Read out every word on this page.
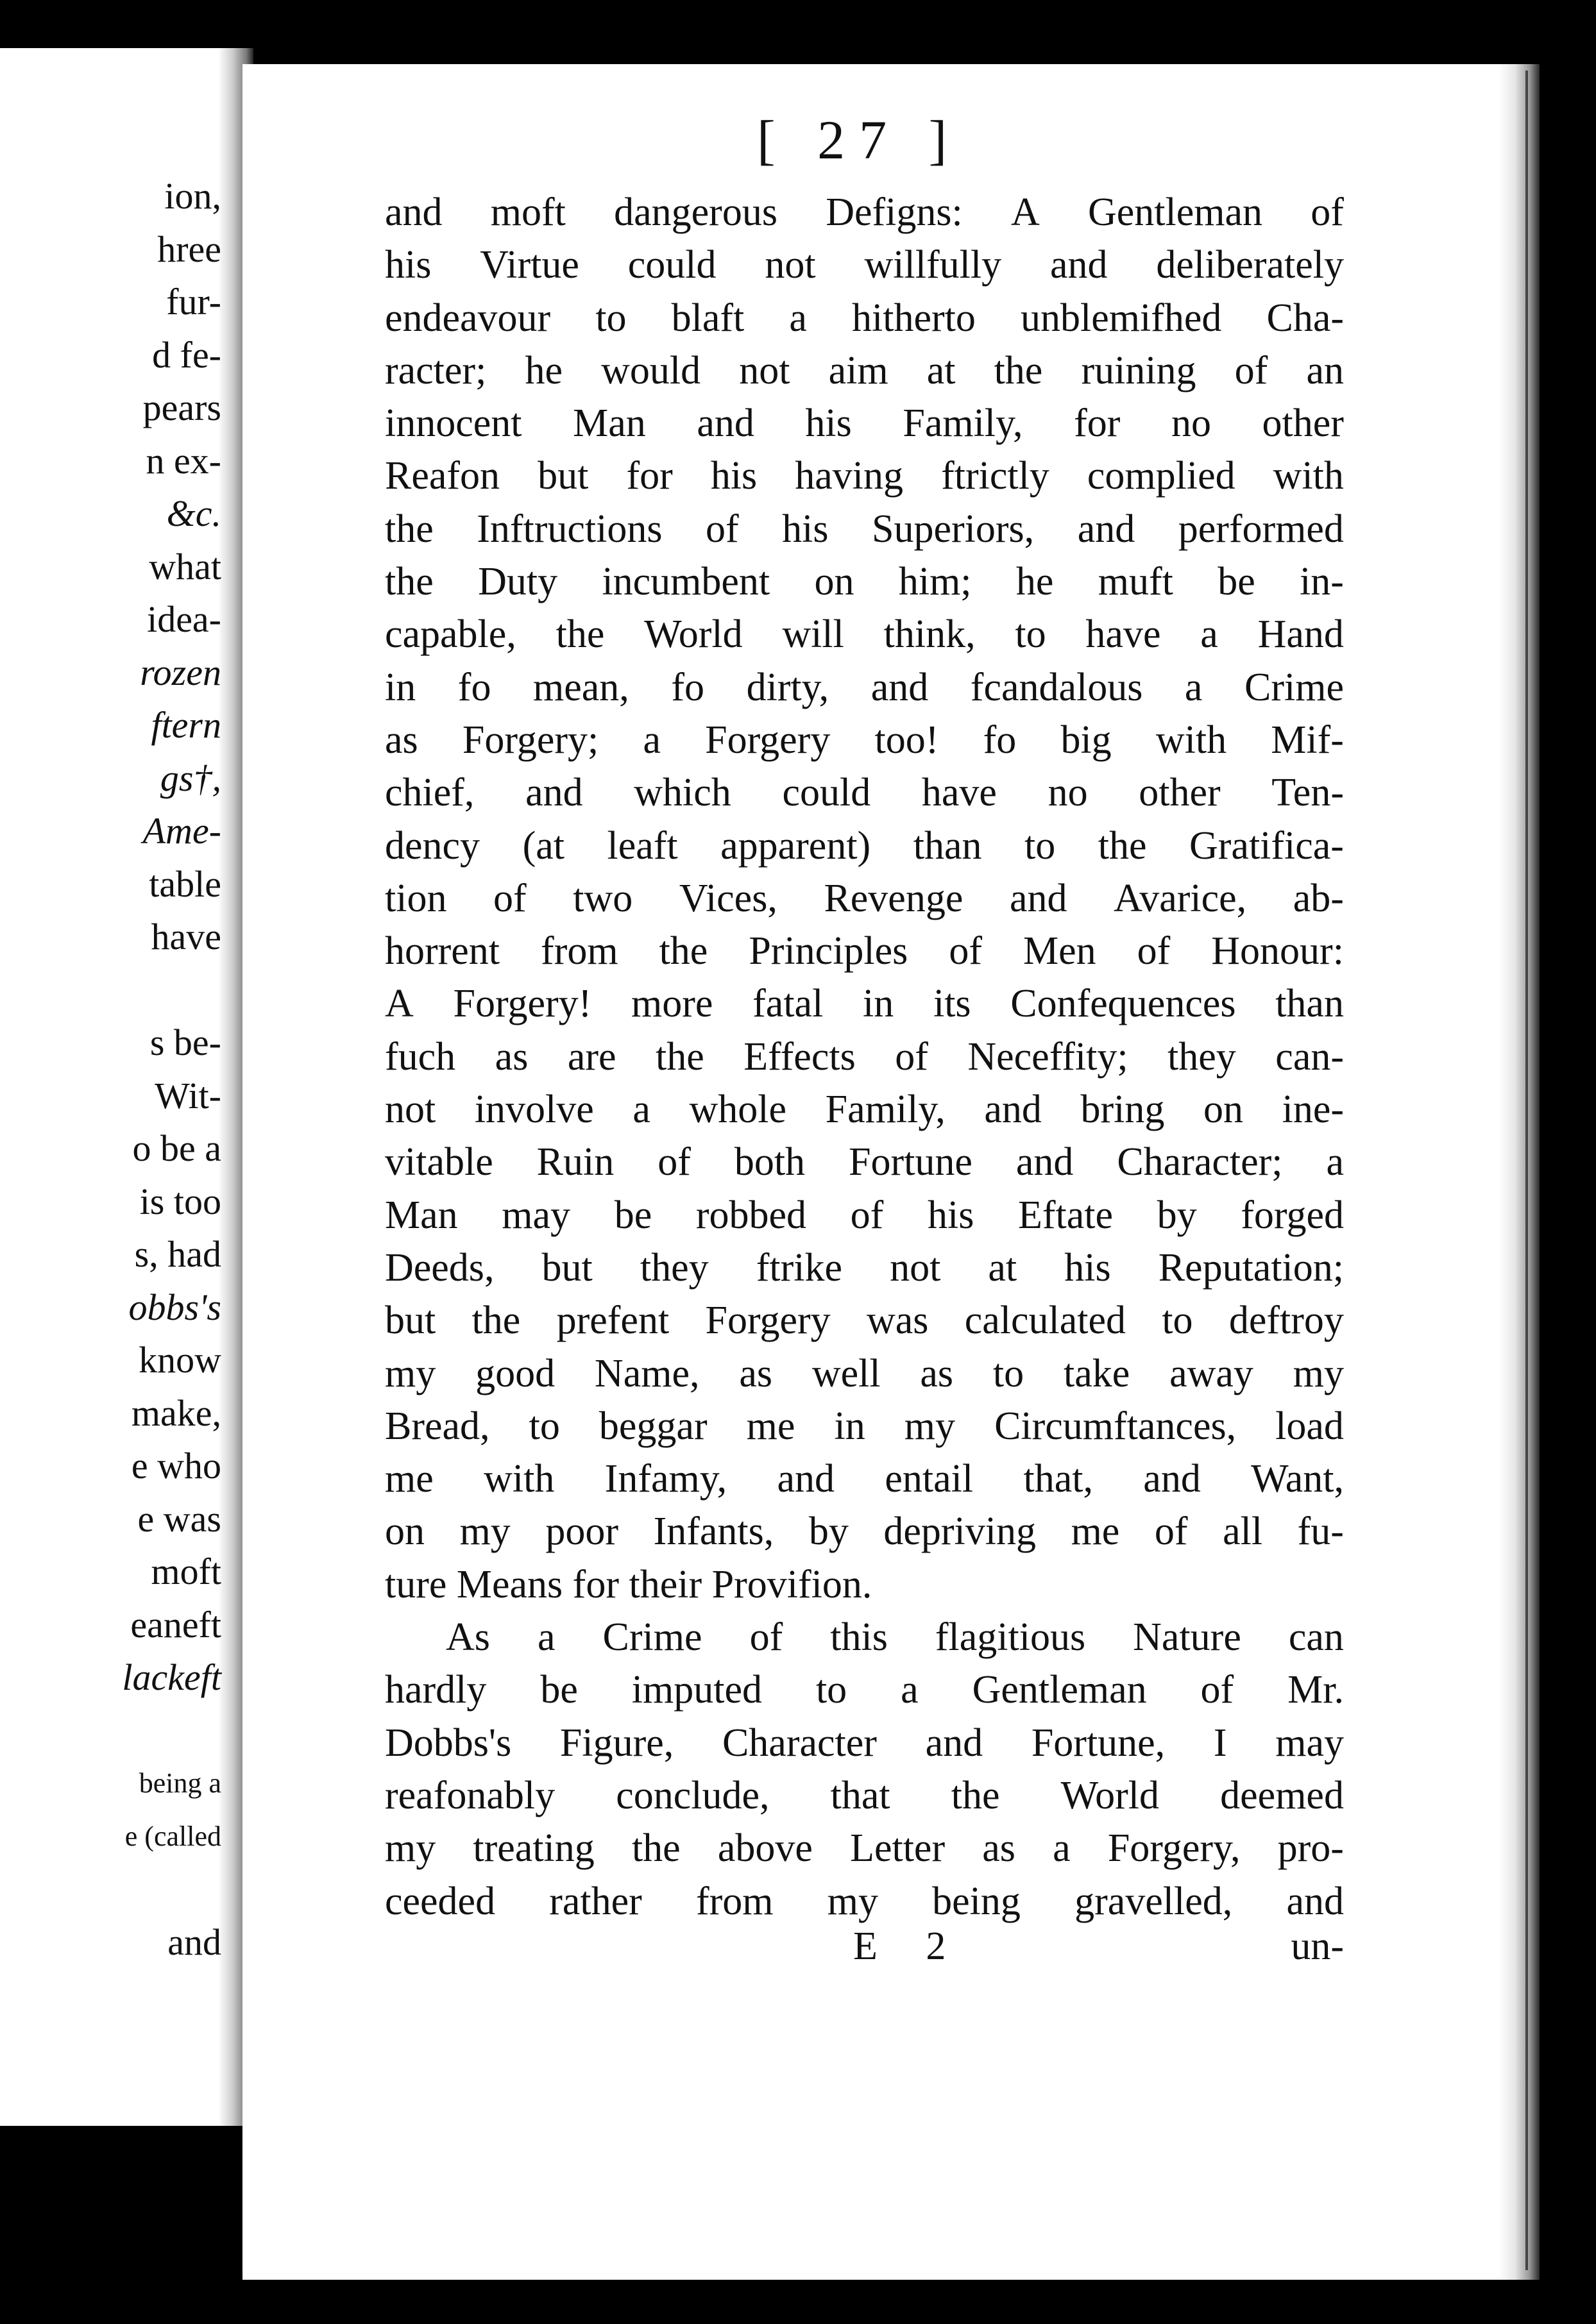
ion,
hree
fur-
d fe-
pears
n ex-
&c.
what
idea-
rozen
ftern
gs†,
Ame-
table
have
s be-
Wit-
o be a
is too
s, had
obbs's
know
make,
e who
e was
moft
eaneft
lackeft
being a
e (called
and
[ 27 ]
and moft dangerous Defigns: A Gentleman of
his Virtue could not willfully and deliberately
endeavour to blaft a hitherto unblemifhed Cha-
racter; he would not aim at the ruining of an
innocent Man and his Family, for no other
Reafon but for his having ftrictly complied with
the Inftructions of his Superiors, and performed
the Duty incumbent on him; he muft be in-
capable, the World will think, to have a Hand
in fo mean, fo dirty, and fcandalous a Crime
as Forgery; a Forgery too! fo big with Mif-
chief, and which could have no other Ten-
dency (at leaft apparent) than to the Gratifica-
tion of two Vices, Revenge and Avarice, ab-
horrent from the Principles of Men of Honour:
A Forgery! more fatal in its Confequences than
fuch as are the Effects of Neceffity; they can-
not involve a whole Family, and bring on ine-
vitable Ruin of both Fortune and Character; a
Man may be robbed of his Eftate by forged
Deeds, but they ftrike not at his Reputation;
but the prefent Forgery was calculated to deftroy
my good Name, as well as to take away my
Bread, to beggar me in my Circumftances, load
me with Infamy, and entail that, and Want,
on my poor Infants, by depriving me of all fu-
ture Means for their Provifion.
As a Crime of this flagitious Nature can
hardly be imputed to a Gentleman of Mr.
Dobbs's Figure, Character and Fortune, I may
reafonably conclude, that the World deemed
my treating the above Letter as a Forgery, pro-
ceeded rather from my being gravelled, and
E 2	un-
